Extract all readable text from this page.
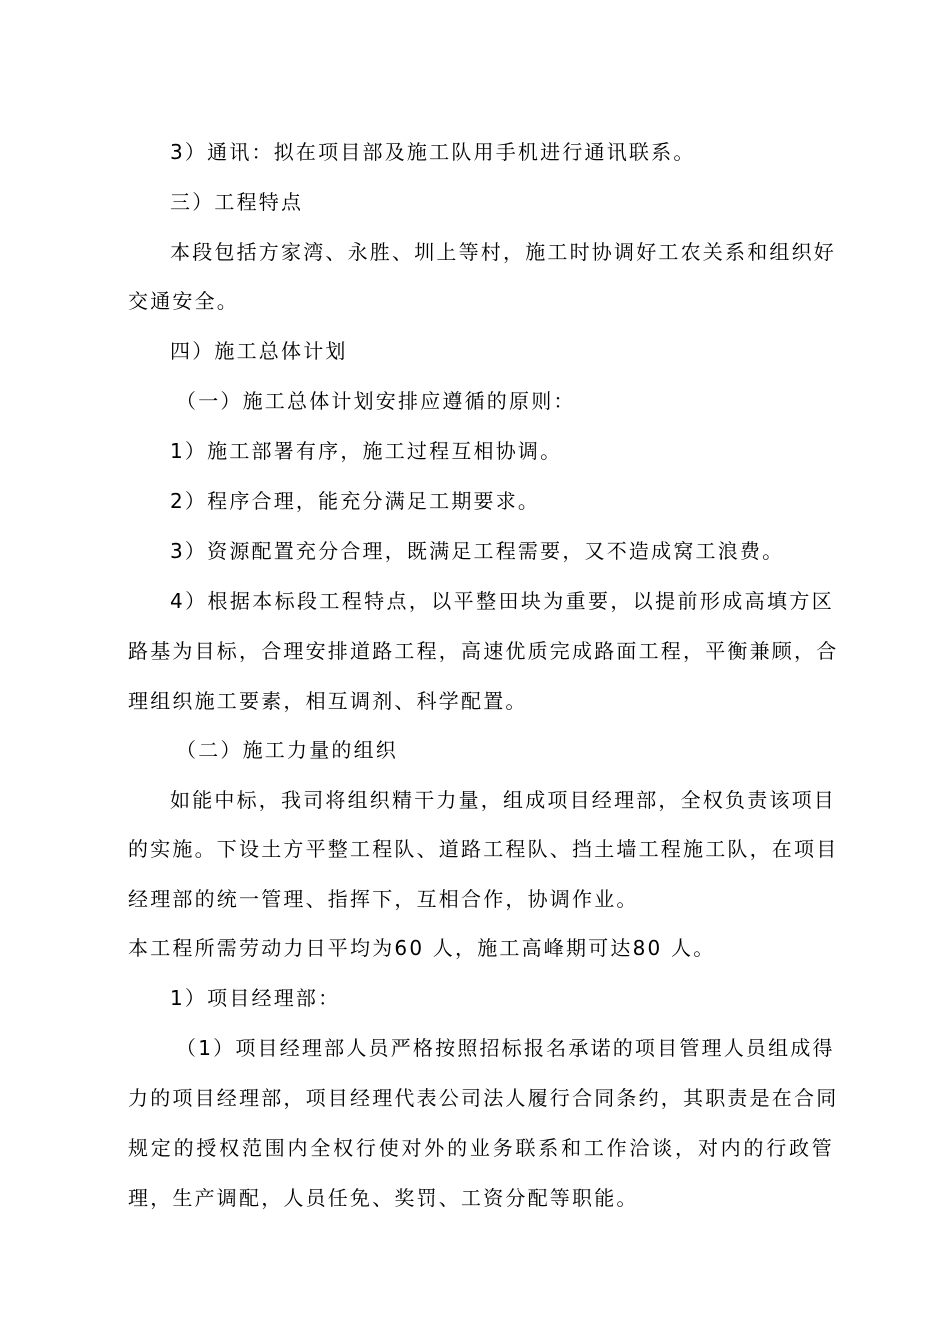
3）通讯：拟在项目部及施工队用手机进行通讯联系。
三）工程特点
本段包括方家湾、永胜、圳上等村，施工时协调好工农关系和组织好
交通安全。
四）施工总体计划
（一）施工总体计划安排应遵循的原则：
1）施工部署有序，施工过程互相协调。
2）程序合理，能充分满足工期要求。
3）资源配置充分合理，既满足工程需要，又不造成窝工浪费。
4）根据本标段工程特点，以平整田块为重要，以提前形成高填方区
路基为目标，合理安排道路工程，高速优质完成路面工程，平衡兼顾，合
理组织施工要素，相互调剂、科学配置。
（二）施工力量的组织
如能中标，我司将组织精干力量，组成项目经理部，全权负责该项目
的实施。下设土方平整工程队、道路工程队、挡土墙工程施工队，在项目
经理部的统一管理、指挥下，互相合作，协调作业。
本工程所需劳动力日平均为60 人，施工高峰期可达80 人。
1）项目经理部：
（1）项目经理部人员严格按照招标报名承诺的项目管理人员组成得
力的项目经理部，项目经理代表公司法人履行合同条约，其职责是在合同
规定的授权范围内全权行使对外的业务联系和工作洽谈，对内的行政管
理，生产调配，人员任免、奖罚、工资分配等职能。
